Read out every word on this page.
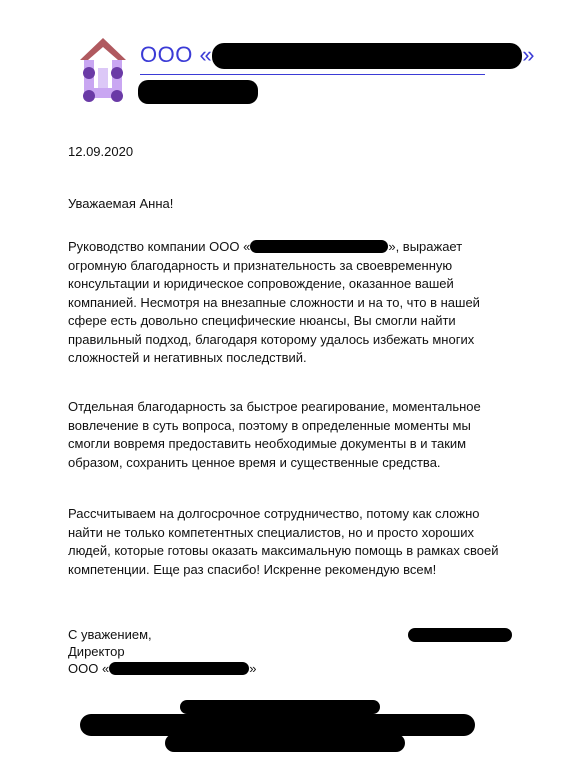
ООО «	»
12.09.2020
Уважаемая Анна!
Руководство компании ООО «	», выражает огромную благодарность и признательность за своевременную консультации и юридическое сопровождение, оказанное вашей компанией. Несмотря на внезапные сложности и на то, что в нашей сфере есть довольно специфические нюансы, Вы смогли найти правильный подход, благодаря которому удалось избежать многих сложностей и негативных последствий.
Отдельная благодарность за быстрое реагирование, моментальное вовлечение в суть вопроса, поэтому в определенные моменты мы смогли вовремя предоставить необходимые документы в и таким образом, сохранить ценное время и существенные средства.
Рассчитываем на долгосрочное сотрудничество, потому как сложно найти не только компетентных специалистов, но и просто хороших людей, которые готовы оказать максимальную помощь в рамках своей компетенции. Еще раз спасибо! Искренне рекомендую всем!
С уважением,
Директор
ООО «	»
